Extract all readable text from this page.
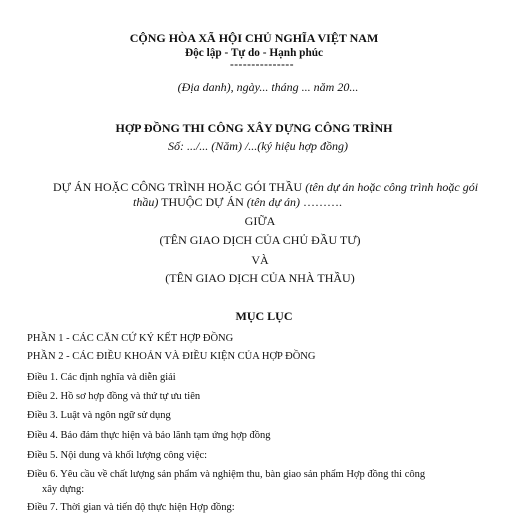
CỘNG HÒA XÃ HỘI CHỦ NGHĨA VIỆT NAM
Độc lập - Tự do - Hạnh phúc
---------------
(Địa danh), ngày... tháng ... năm 20...
HỢP ĐỒNG THI CÔNG XÂY DỰNG CÔNG TRÌNH
Số: .../... (Năm) /...(ký hiệu hợp đồng)
DỰ ÁN HOẶC CÔNG TRÌNH HOẶC GÓI THẦU (tên dự án hoặc công trình hoặc gói
thầu) THUỘC DỰ ÁN (tên dự án) ……….
GIỮA
(TÊN GIAO DỊCH CỦA CHỦ ĐẦU TƯ)
VÀ
(TÊN GIAO DỊCH CỦA NHÀ THẦU)
MỤC LỤC
PHẦN 1 - CÁC CĂN CỨ KÝ KẾT HỢP ĐỒNG
PHẦN 2 - CÁC ĐIỀU KHOẢN VÀ ĐIỀU KIỆN CỦA HỢP ĐỒNG
Điều 1. Các định nghĩa và diễn giải
Điều 2. Hồ sơ hợp đồng và thứ tự ưu tiên
Điều 3. Luật và ngôn ngữ sử dụng
Điều 4. Bảo đảm thực hiện và bảo lãnh tạm ứng hợp đồng
Điều 5. Nội dung và khối lượng công việc:
Điều 6. Yêu cầu về chất lượng sản phẩm và nghiệm thu, bàn giao sản phẩm Hợp đồng thi công
xây dựng:
Điều 7. Thời gian và tiến độ thực hiện Hợp đồng:
